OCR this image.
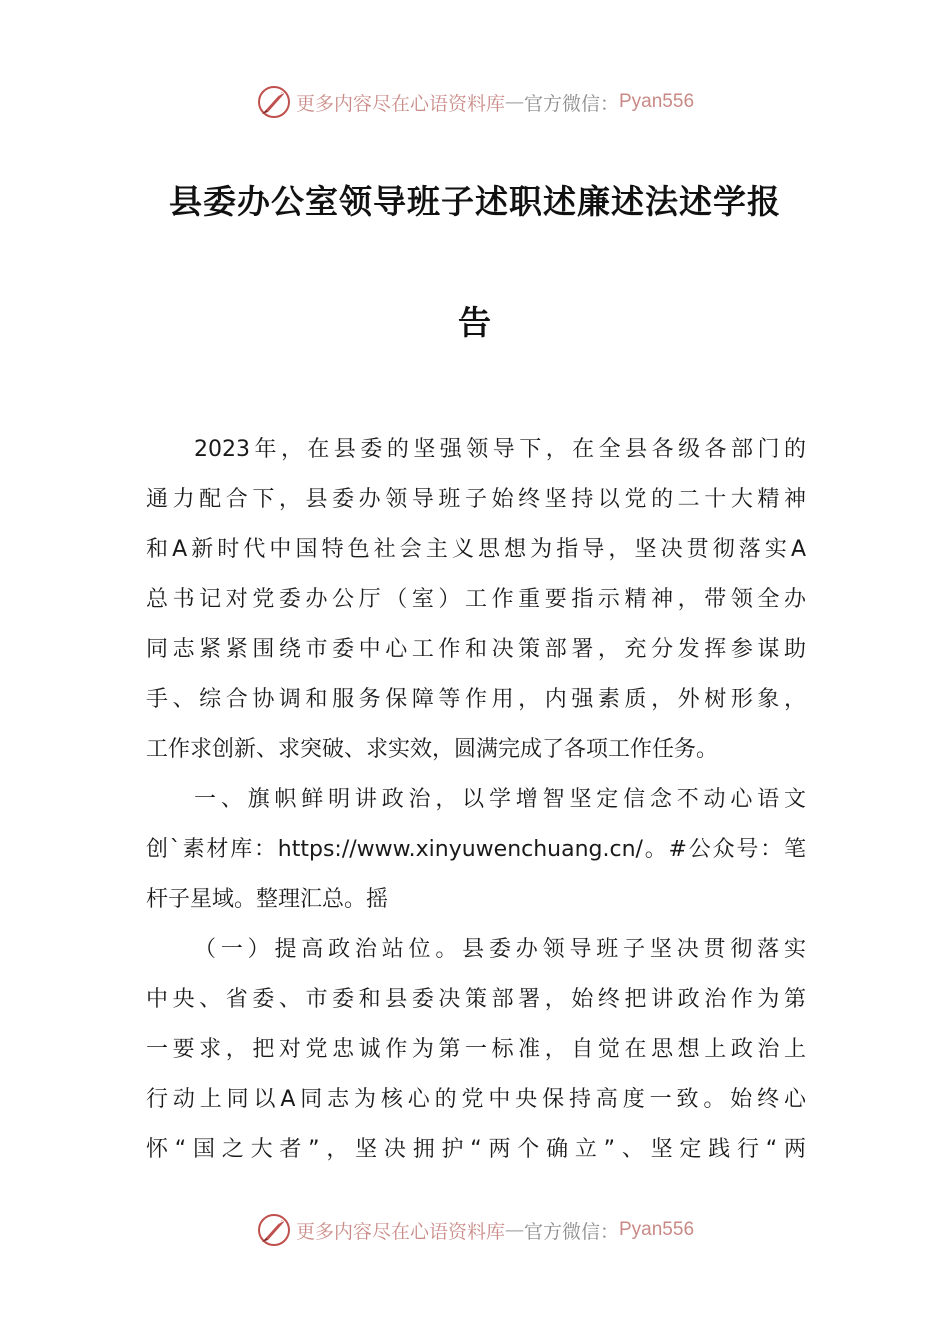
更多内容尽在心语资料库 — 官方微信： Pyan556
县委办公室领导班子述职述廉述法述学报
告
2023年，在县委的坚强领导下，在全县各级各部门的
通力配合下，县委办领导班子始终坚持以党的二十大精神
和A新时代中国特色社会主义思想为指导，坚决贯彻落实A
总书记对党委办公厅（室）工作重要指示精神，带领全办
同志紧紧围绕市委中心工作和决策部署，充分发挥参谋助
手、综合协调和服务保障等作用，内强素质，外树形象，
工作求创新、求突破、求实效，圆满完成了各项工作任务。
一、旗帜鲜明讲政治，以学增智坚定信念不动心语文
创`素材库：https://www.xinyuwenchuang.cn/。#公众号：笔
杆子星域。整理汇总。摇
（一）提高政治站位。县委办领导班子坚决贯彻落实
中央、省委、市委和县委决策部署，始终把讲政治作为第
一要求，把对党忠诚作为第一标准，自觉在思想上政治上
行动上同以A同志为核心的党中央保持高度一致。始终心
怀“国之大者”，坚决拥护“两个确立”、坚定践行“两
更多内容尽在心语资料库 — 官方微信： Pyan556
